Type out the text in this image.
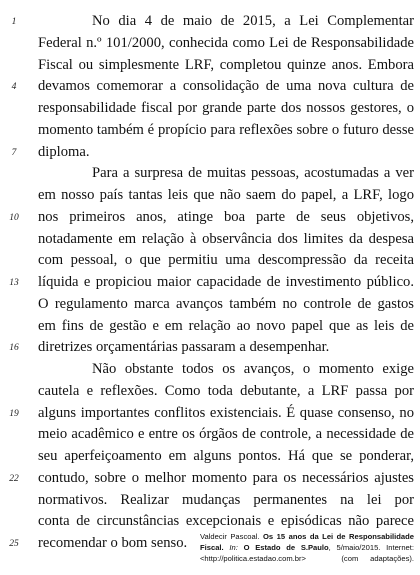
1	No dia 4 de maio de 2015, a Lei Complementar
Federal n.º 101/2000, conhecida como Lei de Responsabilidade
Fiscal ou simplesmente LRF, completou quinze anos. Embora
4	devamos comemorar a consolidação de uma nova cultura de
responsabilidade fiscal por grande parte dos nossos gestores, o
momento também é propício para reflexões sobre o futuro desse
7	diploma.
Para a surpresa de muitas pessoas, acostumadas a ver
em nosso país tantas leis que não saem do papel, a LRF, logo
10	nos primeiros anos, atinge boa parte de seus objetivos,
notadamente em relação à observância dos limites da despesa
com pessoal, o que permitiu uma descompressão da receita
13	líquida e propiciou maior capacidade de investimento público.
O regulamento marca avanços também no controle de gastos
em fins de gestão e em relação ao novo papel que as leis de
16	diretrizes orçamentárias passaram a desempenhar.
Não obstante todos os avanços, o momento exige
cautela e reflexões. Como toda debutante, a LRF passa por
19	alguns importantes conflitos existenciais. É quase consenso, no
meio acadêmico e entre os órgãos de controle, a necessidade de
seu aperfeiçoamento em alguns pontos. Há que se ponderar,
22	contudo, sobre o melhor momento para os necessários ajustes
normativos. Realizar mudanças permanentes na lei por
conta de circunstâncias excepcionais e episódicas não parece
25	recomendar o bom senso.	Valdecir Pascoal. Os 15 anos da Lei de Responsabilidade
Fiscal. In: O Estado de S.Paulo, 5/maio/2015. Internet:
<http://politica.estadao.com.br>	(com adaptações).
